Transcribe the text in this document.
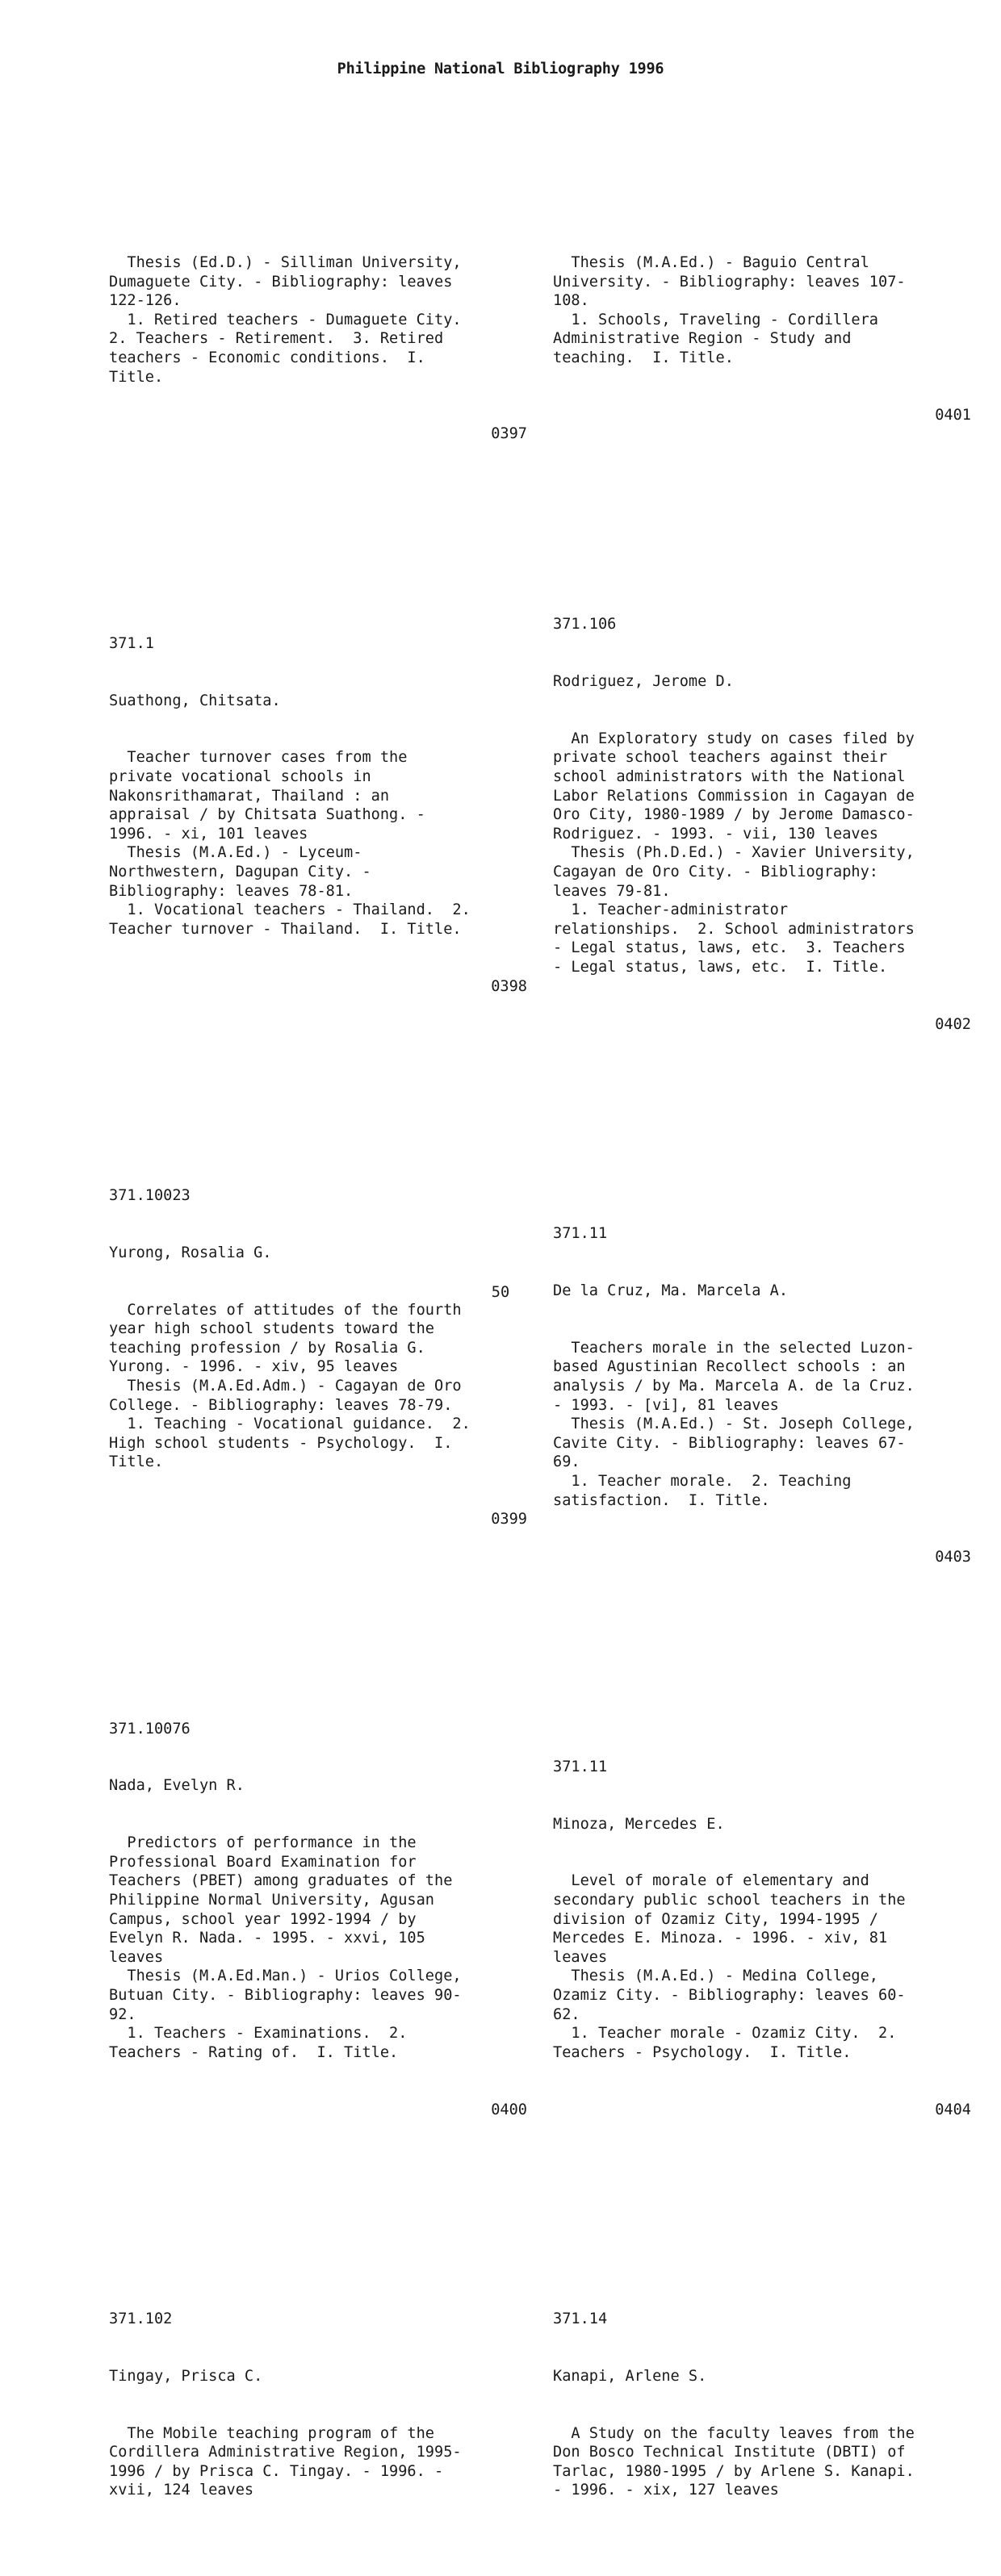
Philippine National Bibliography 1996

Thesis (Ed.D.) - Silliman University,
Dumaguete City. - Bibliography: leaves
122-126.
1. Retired teachers - Dumaguete City.
2. Teachers - Retirement.  3. Retired
teachers - Economic conditions.  I.
Title.

0397

371.1

Suathong, Chitsata.

Teacher turnover cases from the
private vocational schools in
Nakonsrithamarat, Thailand : an
appraisal / by Chitsata Suathong. -
1996. - xi, 101 leaves
Thesis (M.A.Ed.) - Lyceum-
Northwestern, Dagupan City. -
Bibliography: leaves 78-81.
1. Vocational teachers - Thailand.  2.
Teacher turnover - Thailand.  I. Title.

0398

371.10023

Yurong, Rosalia G.

Correlates of attitudes of the fourth
year high school students toward the
teaching profession / by Rosalia G.
Yurong. - 1996. - xiv, 95 leaves
Thesis (M.A.Ed.Adm.) - Cagayan de Oro
College. - Bibliography: leaves 78-79.
1. Teaching - Vocational guidance.  2.
High school students - Psychology.  I.
Title.

0399

371.10076

Nada, Evelyn R.

Predictors of performance in the
Professional Board Examination for
Teachers (PBET) among graduates of the
Philippine Normal University, Agusan
Campus, school year 1992-1994 / by
Evelyn R. Nada. - 1995. - xxvi, 105
leaves
Thesis (M.A.Ed.Man.) - Urios College,
Butuan City. - Bibliography: leaves 90-
92.
1. Teachers - Examinations.  2.
Teachers - Rating of.  I. Title.

0400

371.102

Tingay, Prisca C.

The Mobile teaching program of the
Cordillera Administrative Region, 1995-
1996 / by Prisca C. Tingay. - 1996. -
xvii, 124 leaves

Thesis (M.A.Ed.) - Baguio Central
University. - Bibliography: leaves 107-
108.
1. Schools, Traveling - Cordillera
Administrative Region - Study and
teaching.  I. Title.

0401

371.106

Rodriguez, Jerome D.

An Exploratory study on cases filed by
private school teachers against their
school administrators with the National
Labor Relations Commission in Cagayan de
Oro City, 1980-1989 / by Jerome Damasco-
Rodriguez. - 1993. - vii, 130 leaves
Thesis (Ph.D.Ed.) - Xavier University,
Cagayan de Oro City. - Bibliography:
leaves 79-81.
1. Teacher-administrator
relationships.  2. School administrators
- Legal status, laws, etc.  3. Teachers
- Legal status, laws, etc.  I. Title.

0402

371.11

De la Cruz, Ma. Marcela A.

Teachers morale in the selected Luzon-
based Agustinian Recollect schools : an
analysis / by Ma. Marcela A. de la Cruz.
- 1993. - [vi], 81 leaves
Thesis (M.A.Ed.) - St. Joseph College,
Cavite City. - Bibliography: leaves 67-
69.
1. Teacher morale.  2. Teaching
satisfaction.  I. Title.

0403

371.11

Minoza, Mercedes E.

Level of morale of elementary and
secondary public school teachers in the
division of Ozamiz City, 1994-1995 /
Mercedes E. Minoza. - 1996. - xiv, 81
leaves
Thesis (M.A.Ed.) - Medina College,
Ozamiz City. - Bibliography: leaves 60-
62.
1. Teacher morale - Ozamiz City.  2.
Teachers - Psychology.  I. Title.

0404

371.14

Kanapi, Arlene S.

A Study on the faculty leaves from the
Don Bosco Technical Institute (DBTI) of
Tarlac, 1980-1995 / by Arlene S. Kanapi.
- 1996. - xix, 127 leaves

50
